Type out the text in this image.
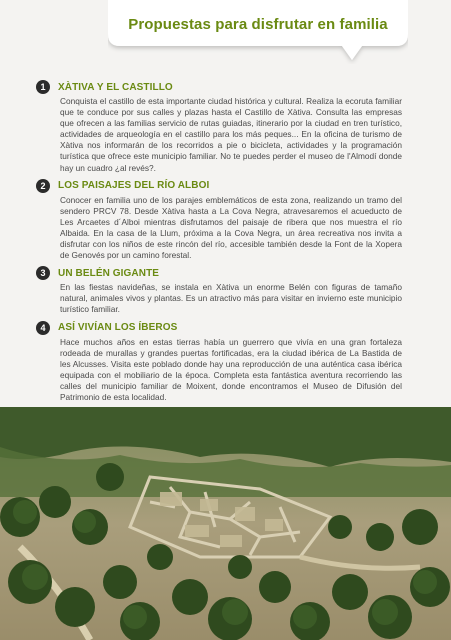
Propuestas para disfrutar en familia
1	XÀTIVA Y EL CASTILLO
Conquista el castillo de esta importante ciudad histórica y cultural. Realiza la ecoruta familiar que te conduce por sus calles y plazas hasta el Castillo de Xàtiva. Consulta las empresas que ofrecen a las familias servicio de rutas guiadas, itinerario por la ciudad en tren turístico, actividades de arqueología en el castillo para los más peques... En la oficina de turismo de Xàtiva nos informarán de los recorridos a pie o bicicleta, actividades y la programación turística que ofrece este municipio familiar. No te puedes perder el museo de l'Almodí donde hay un cuadro ¿al revés?.
2	LOS PAISAJES DEL RÍO ALBOI
Conocer en familia uno de los parajes emblemáticos de esta zona, realizando un tramo del sendero PRCV 78. Desde Xàtiva hasta a La Cova Negra, atravesaremos el acueducto de Les Arcaetes d´Alboi mientras disfrutamos del paisaje de ribera que nos muestra el río Albaida. En la casa de la Llum, próxima a la Cova Negra, un área recreativa nos invita a disfrutar con los niños de este rincón del río, accesible también desde la Font de la Xopera de Genovés por un camino forestal.
3	UN BELÉN GIGANTE
En las fiestas navideñas, se instala en Xàtiva un enorme Belén con figuras de tamaño natural, animales vivos y plantas. Es un atractivo más para visitar en invierno este municipio turístico familiar.
4	ASÍ VIVÍAN LOS ÍBEROS
Hace muchos años en estas tierras había un guerrero que vivía en una gran fortaleza rodeada de murallas y grandes puertas fortificadas, era la ciudad ibérica de La Bastida de les Alcusses. Visita este poblado donde hay una reproducción de una auténtica casa ibérica equipada con el mobiliario de la época. Completa esta fantástica aventura recorriendo las calles del municipio familiar de Moixent, donde encontramos el Museo de Difusión del Patrimonio de esta localidad.
